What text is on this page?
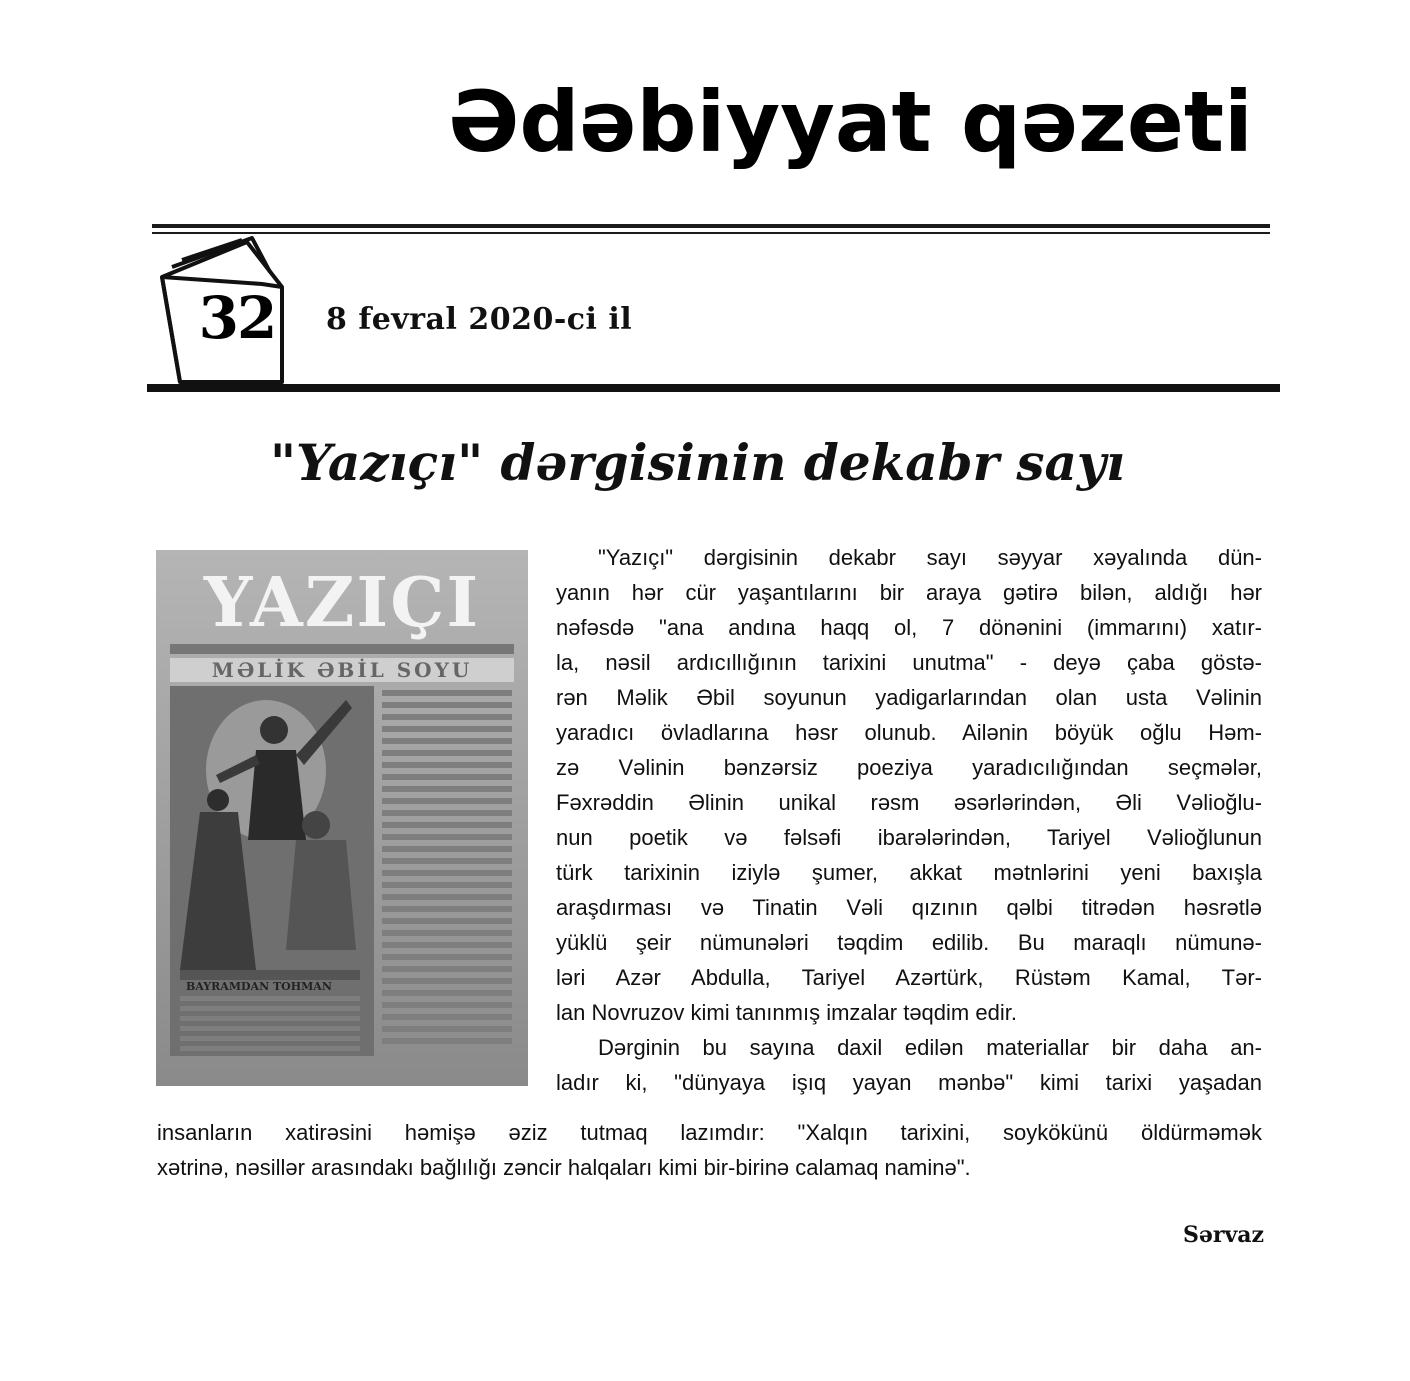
Ədəbiyyat qəzeti
32 8 fevral 2020-ci il
"Yazıçı" dərgisinin dekabr sayı
YAZIÇI
MƏLİK ƏBİL SOYU
BAYRAMDAN TOHMAN
"Yazıçı" dərgisinin dekabr sayı səyyar xəyalında dün-
yanın hər cür yaşantılarını bir araya gətirə bilən, aldığı hər
nəfəsdə "ana andına haqq ol, 7 dönənini (immarını) xatır-
la, nəsil ardıcıllığının tarixini unutma" - deyə çaba göstə-
rən Məlik Əbil soyunun yadigarlarından olan usta Vəlinin
yaradıcı övladlarına həsr olunub. Ailənin böyük oğlu Həm-
zə Vəlinin bənzərsiz poeziya yaradıcılığından seçmələr,
Fəxrəddin Əlinin unikal rəsm əsərlərindən, Əli Vəlioğlu-
nun poetik və fəlsəfi ibarələrindən, Tariyel Vəlioğlunun
türk tarixinin iziylə şumer, akkat mətnlərini yeni baxışla
araşdırması və Tinatin Vəli qızının qəlbi titrədən həsrətlə
yüklü şeir nümunələri təqdim edilib. Bu maraqlı nümunə-
ləri Azər Abdulla, Tariyel Azərtürk, Rüstəm Kamal, Tər-
lan Novruzov kimi tanınmış imzalar təqdim edir.
Dərginin bu sayına daxil edilən materiallar bir daha an-
ladır ki, "dünyaya işıq yayan mənbə" kimi tarixi yaşadan
insanların xatirəsini həmişə əziz tutmaq lazımdır: "Xalqın tarixini, soykökünü öldürməmək
xətrinə, nəsillər arasındakı bağlılığı zəncir halqaları kimi bir-birinə calamaq naminə".
Sərvaz
